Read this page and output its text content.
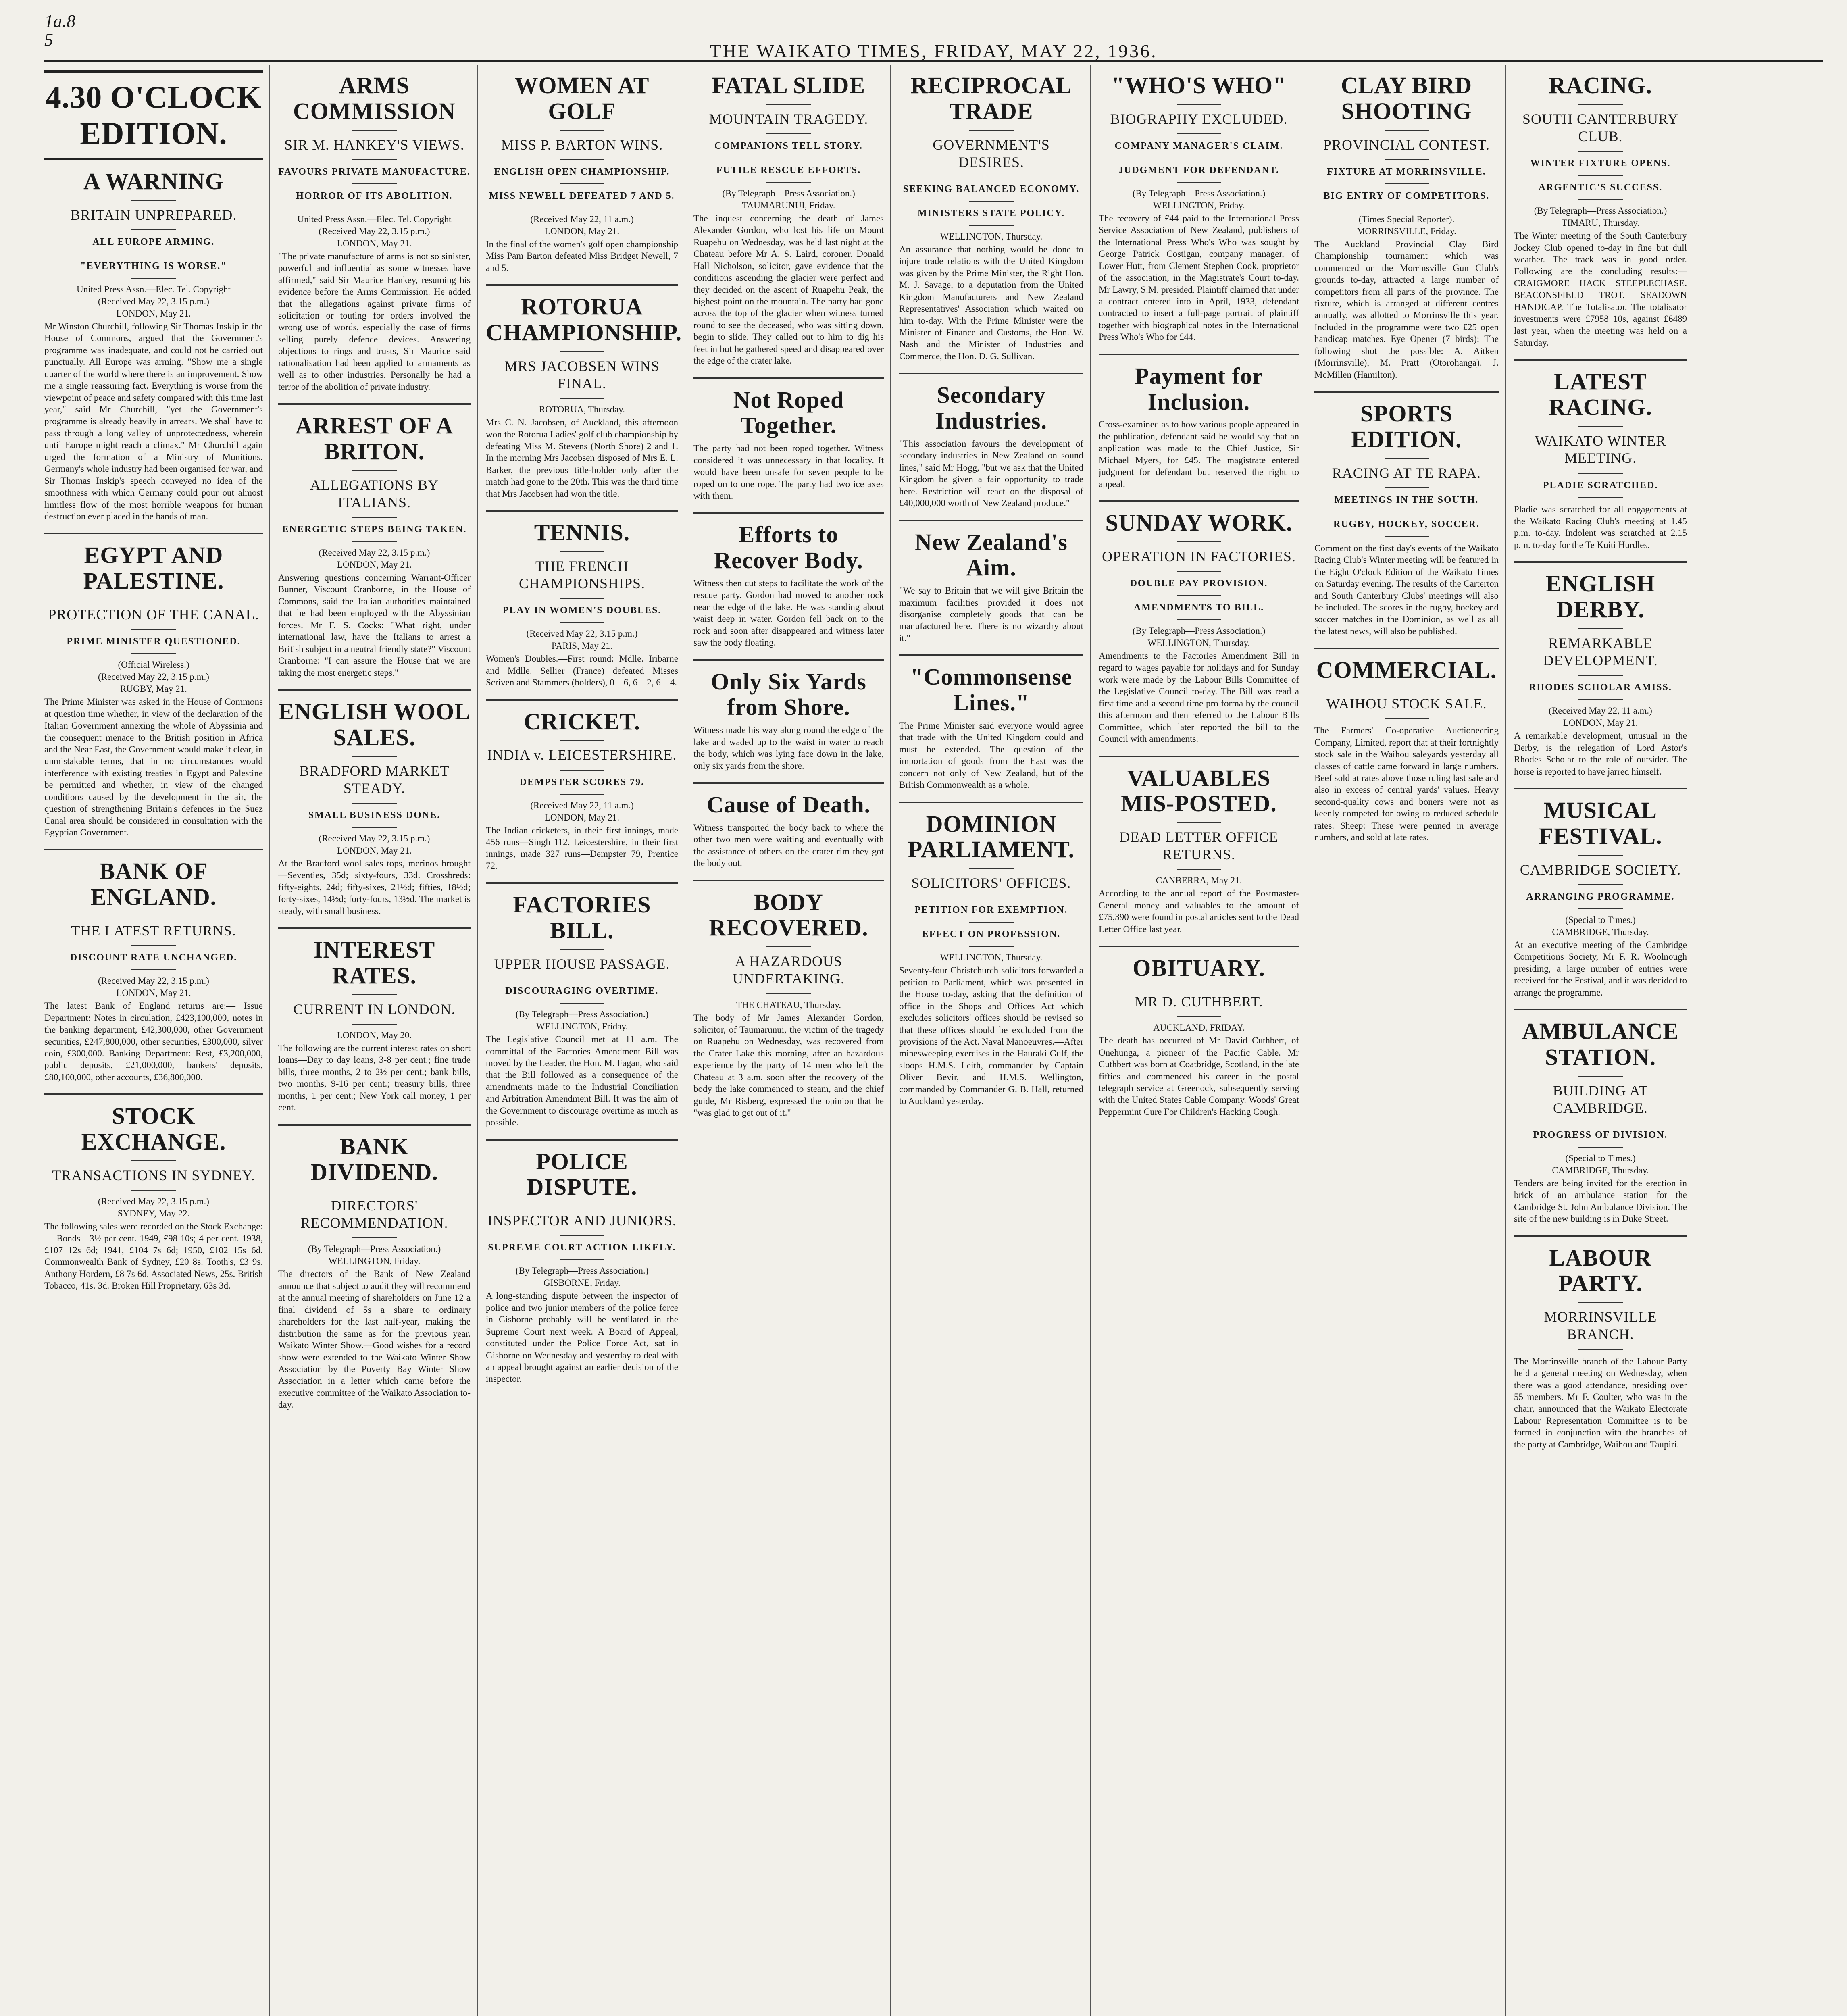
1a.8
5
THE WAIKATO TIMES, FRIDAY, MAY 22, 1936.
4.30 O'CLOCK EDITION.
A WARNING
BRITAIN UNPREPARED.
ALL EUROPE ARMING.
"EVERYTHING IS WORSE."
United Press Assn.—Elec. Tel. Copyright
(Received May 22, 3.15 p.m.)
LONDON, May 21.
Mr Winston Churchill, following Sir Thomas Inskip in the House of Commons, argued that the Government's programme was inadequate, and could not be carried out punctually. All Europe was arming. "Show me a single quarter of the world where there is an improvement. Show me a single reassuring fact. Everything is worse from the viewpoint of peace and safety compared with this time last year," said Mr Churchill, "yet the Government's programme is already heavily in arrears. We shall have to pass through a long valley of unprotectedness, wherein until Europe might reach a climax." Mr Churchill again urged the formation of a Ministry of Munitions. Germany's whole industry had been organised for war, and Sir Thomas Inskip's speech conveyed no idea of the smoothness with which Germany could pour out almost limitless flow of the most horrible weapons for human destruction ever placed in the hands of man.
EGYPT AND PALESTINE.
PROTECTION OF THE CANAL.
PRIME MINISTER QUESTIONED.
(Official Wireless.)
(Received May 22, 3.15 p.m.)
RUGBY, May 21.
The Prime Minister was asked in the House of Commons at question time whether, in view of the declaration of the Italian Government annexing the whole of Abyssinia and the consequent menace to the British position in Africa and the Near East, the Government would make it clear, in unmistakable terms, that in no circumstances would interference with existing treaties in Egypt and Palestine be permitted and whether, in view of the changed conditions caused by the development in the air, the question of strengthening Britain's defences in the Suez Canal area should be considered in consultation with the Egyptian Government.
BANK OF ENGLAND.
THE LATEST RETURNS.
DISCOUNT RATE UNCHANGED.
(Received May 22, 3.15 p.m.)
LONDON, May 21.
The latest Bank of England returns are:— Issue Department: Notes in circulation, £423,100,000, notes in the banking department, £42,300,000, other Government securities, £247,800,000, other securities, £300,000, silver coin, £300,000. Banking Department: Rest, £3,200,000, public deposits, £21,000,000, bankers' deposits, £80,100,000, other accounts, £36,800,000.
STOCK EXCHANGE.
TRANSACTIONS IN SYDNEY.
(Received May 22, 3.15 p.m.)
SYDNEY, May 22.
The following sales were recorded on the Stock Exchange:— Bonds—3½ per cent. 1949, £98 10s; 4 per cent. 1938, £107 12s 6d; 1941, £104 7s 6d; 1950, £102 15s 6d. Commonwealth Bank of Sydney, £20 8s. Tooth's, £3 9s. Anthony Hordern, £8 7s 6d. Associated News, 25s. British Tobacco, 41s. 3d. Broken Hill Proprietary, 63s 3d.
ARMS COMMISSION
SIR M. HANKEY'S VIEWS.
FAVOURS PRIVATE MANUFACTURE.
HORROR OF ITS ABOLITION.
United Press Assn.—Elec. Tel. Copyright
(Received May 22, 3.15 p.m.)
LONDON, May 21.
"The private manufacture of arms is not so sinister, powerful and influential as some witnesses have affirmed," said Sir Maurice Hankey, resuming his evidence before the Arms Commission. He added that the allegations against private firms of solicitation or touting for orders involved the wrong use of words, especially the case of firms selling purely defence devices. Answering objections to rings and trusts, Sir Maurice said rationalisation had been applied to armaments as well as to other industries. Personally he had a terror of the abolition of private industry.
ARREST OF A BRITON.
ALLEGATIONS BY ITALIANS.
ENERGETIC STEPS BEING TAKEN.
(Received May 22, 3.15 p.m.)
LONDON, May 21.
Answering questions concerning Warrant-Officer Bunner, Viscount Cranborne, in the House of Commons, said the Italian authorities maintained that he had been employed with the Abyssinian forces. Mr F. S. Cocks: "What right, under international law, have the Italians to arrest a British subject in a neutral friendly state?" Viscount Cranborne: "I can assure the House that we are taking the most energetic steps."
ENGLISH WOOL SALES.
BRADFORD MARKET STEADY.
SMALL BUSINESS DONE.
(Received May 22, 3.15 p.m.)
LONDON, May 21.
At the Bradford wool sales tops, merinos brought—Seventies, 35d; sixty-fours, 33d. Crossbreds: fifty-eights, 24d; fifty-sixes, 21½d; fifties, 18½d; forty-sixes, 14½d; forty-fours, 13½d. The market is steady, with small business.
INTEREST RATES.
CURRENT IN LONDON.
LONDON, May 20.
The following are the current interest rates on short loans—Day to day loans, 3-8 per cent.; fine trade bills, three months, 2 to 2½ per cent.; bank bills, two months, 9-16 per cent.; treasury bills, three months, 1 per cent.; New York call money, 1 per cent.
BANK DIVIDEND.
DIRECTORS' RECOMMENDATION.
(By Telegraph—Press Association.)
WELLINGTON, Friday.
The directors of the Bank of New Zealand announce that subject to audit they will recommend at the annual meeting of shareholders on June 12 a final dividend of 5s a share to ordinary shareholders for the last half-year, making the distribution the same as for the previous year. Waikato Winter Show.—Good wishes for a record show were extended to the Waikato Winter Show Association by the Poverty Bay Winter Show Association in a letter which came before the executive committee of the Waikato Association to-day.
WOMEN AT GOLF
MISS P. BARTON WINS.
ENGLISH OPEN CHAMPIONSHIP.
MISS NEWELL DEFEATED 7 AND 5.
(Received May 22, 11 a.m.)
LONDON, May 21.
In the final of the women's golf open championship Miss Pam Barton defeated Miss Bridget Newell, 7 and 5.
ROTORUA CHAMPIONSHIP.
MRS JACOBSEN WINS FINAL.
ROTORUA, Thursday.
Mrs C. N. Jacobsen, of Auckland, this afternoon won the Rotorua Ladies' golf club championship by defeating Miss M. Stevens (North Shore) 2 and 1. In the morning Mrs Jacobsen disposed of Mrs E. L. Barker, the previous title-holder only after the match had gone to the 20th. This was the third time that Mrs Jacobsen had won the title.
TENNIS.
THE FRENCH CHAMPIONSHIPS.
PLAY IN WOMEN'S DOUBLES.
(Received May 22, 3.15 p.m.)
PARIS, May 21.
Women's Doubles.—First round: Mdlle. Iribarne and Mdlle. Sellier (France) defeated Misses Scriven and Stammers (holders), 0—6, 6—2, 6—4.
CRICKET.
INDIA v. LEICESTERSHIRE.
DEMPSTER SCORES 79.
(Received May 22, 11 a.m.)
LONDON, May 21.
The Indian cricketers, in their first innings, made 456 runs—Singh 112. Leicestershire, in their first innings, made 327 runs—Dempster 79, Prentice 72.
FACTORIES BILL.
UPPER HOUSE PASSAGE.
DISCOURAGING OVERTIME.
(By Telegraph—Press Association.)
WELLINGTON, Friday.
The Legislative Council met at 11 a.m. The committal of the Factories Amendment Bill was moved by the Leader, the Hon. M. Fagan, who said that the Bill followed as a consequence of the amendments made to the Industrial Conciliation and Arbitration Amendment Bill. It was the aim of the Government to discourage overtime as much as possible.
POLICE DISPUTE.
INSPECTOR AND JUNIORS.
SUPREME COURT ACTION LIKELY.
(By Telegraph—Press Association.)
GISBORNE, Friday.
A long-standing dispute between the inspector of police and two junior members of the police force in Gisborne probably will be ventilated in the Supreme Court next week. A Board of Appeal, constituted under the Police Force Act, sat in Gisborne on Wednesday and yesterday to deal with an appeal brought against an earlier decision of the inspector.
FATAL SLIDE
MOUNTAIN TRAGEDY.
COMPANIONS TELL STORY.
FUTILE RESCUE EFFORTS.
(By Telegraph—Press Association.)
TAUMARUNUI, Friday.
The inquest concerning the death of James Alexander Gordon, who lost his life on Mount Ruapehu on Wednesday, was held last night at the Chateau before Mr A. S. Laird, coroner. Donald Hall Nicholson, solicitor, gave evidence that the conditions ascending the glacier were perfect and they decided on the ascent of Ruapehu Peak, the highest point on the mountain. The party had gone across the top of the glacier when witness turned round to see the deceased, who was sitting down, begin to slide. They called out to him to dig his feet in but he gathered speed and disappeared over the edge of the crater lake.
Not Roped Together.
The party had not been roped together. Witness considered it was unnecessary in that locality. It would have been unsafe for seven people to be roped on to one rope. The party had two ice axes with them.
Efforts to Recover Body.
Witness then cut steps to facilitate the work of the rescue party. Gordon had moved to another rock near the edge of the lake. He was standing about waist deep in water. Gordon fell back on to the rock and soon after disappeared and witness later saw the body floating.
Only Six Yards from Shore.
Witness made his way along round the edge of the lake and waded up to the waist in water to reach the body, which was lying face down in the lake, only six yards from the shore.
Cause of Death.
Witness transported the body back to where the other two men were waiting and eventually with the assistance of others on the crater rim they got the body out.
BODY RECOVERED.
A HAZARDOUS UNDERTAKING.
THE CHATEAU, Thursday.
The body of Mr James Alexander Gordon, solicitor, of Taumarunui, the victim of the tragedy on Ruapehu on Wednesday, was recovered from the Crater Lake this morning, after an hazardous experience by the party of 14 men who left the Chateau at 3 a.m. soon after the recovery of the body the lake commenced to steam, and the chief guide, Mr Risberg, expressed the opinion that he "was glad to get out of it."
RECIPROCAL TRADE
GOVERNMENT'S DESIRES.
SEEKING BALANCED ECONOMY.
MINISTERS STATE POLICY.
WELLINGTON, Thursday.
An assurance that nothing would be done to injure trade relations with the United Kingdom was given by the Prime Minister, the Right Hon. M. J. Savage, to a deputation from the United Kingdom Manufacturers and New Zealand Representatives' Association which waited on him to-day. With the Prime Minister were the Minister of Finance and Customs, the Hon. W. Nash and the Minister of Industries and Commerce, the Hon. D. G. Sullivan.
Secondary Industries.
"This association favours the development of secondary industries in New Zealand on sound lines," said Mr Hogg, "but we ask that the United Kingdom be given a fair opportunity to trade here. Restriction will react on the disposal of £40,000,000 worth of New Zealand produce."
New Zealand's Aim.
"We say to Britain that we will give Britain the maximum facilities provided it does not disorganise completely goods that can be manufactured here. There is no wizardry about it."
"Commonsense Lines."
The Prime Minister said everyone would agree that trade with the United Kingdom could and must be extended. The question of the importation of goods from the East was the concern not only of New Zealand, but of the British Commonwealth as a whole.
DOMINION PARLIAMENT.
SOLICITORS' OFFICES.
PETITION FOR EXEMPTION.
EFFECT ON PROFESSION.
WELLINGTON, Thursday.
Seventy-four Christchurch solicitors forwarded a petition to Parliament, which was presented in the House to-day, asking that the definition of office in the Shops and Offices Act which excludes solicitors' offices should be revised so that these offices should be excluded from the provisions of the Act. Naval Manoeuvres.—After minesweeping exercises in the Hauraki Gulf, the sloops H.M.S. Leith, commanded by Captain Oliver Bevir, and H.M.S. Wellington, commanded by Commander G. B. Hall, returned to Auckland yesterday.
"WHO'S WHO"
BIOGRAPHY EXCLUDED.
COMPANY MANAGER'S CLAIM.
JUDGMENT FOR DEFENDANT.
(By Telegraph—Press Association.)
WELLINGTON, Friday.
The recovery of £44 paid to the International Press Service Association of New Zealand, publishers of the International Press Who's Who was sought by George Patrick Costigan, company manager, of Lower Hutt, from Clement Stephen Cook, proprietor of the association, in the Magistrate's Court to-day. Mr Lawry, S.M. presided. Plaintiff claimed that under a contract entered into in April, 1933, defendant contracted to insert a full-page portrait of plaintiff together with biographical notes in the International Press Who's Who for £44.
Payment for Inclusion.
Cross-examined as to how various people appeared in the publication, defendant said he would say that an application was made to the Chief Justice, Sir Michael Myers, for £45. The magistrate entered judgment for defendant but reserved the right to appeal.
SUNDAY WORK.
OPERATION IN FACTORIES.
DOUBLE PAY PROVISION.
AMENDMENTS TO BILL.
(By Telegraph—Press Association.)
WELLINGTON, Thursday.
Amendments to the Factories Amendment Bill in regard to wages payable for holidays and for Sunday work were made by the Labour Bills Committee of the Legislative Council to-day. The Bill was read a first time and a second time pro forma by the council this afternoon and then referred to the Labour Bills Committee, which later reported the bill to the Council with amendments.
VALUABLES MIS-POSTED.
DEAD LETTER OFFICE RETURNS.
CANBERRA, May 21.
According to the annual report of the Postmaster-General money and valuables to the amount of £75,390 were found in postal articles sent to the Dead Letter Office last year.
OBITUARY.
MR D. CUTHBERT.
AUCKLAND, FRIDAY.
The death has occurred of Mr David Cuthbert, of Onehunga, a pioneer of the Pacific Cable. Mr Cuthbert was born at Coatbridge, Scotland, in the late fifties and commenced his career in the postal telegraph service at Greenock, subsequently serving with the United States Cable Company. Woods' Great Peppermint Cure For Children's Hacking Cough.
CLAY BIRD SHOOTING
PROVINCIAL CONTEST.
FIXTURE AT MORRINSVILLE.
BIG ENTRY OF COMPETITORS.
(Times Special Reporter).
MORRINSVILLE, Friday.
The Auckland Provincial Clay Bird Championship tournament which was commenced on the Morrinsville Gun Club's grounds to-day, attracted a large number of competitors from all parts of the province. The fixture, which is arranged at different centres annually, was allotted to Morrinsville this year. Included in the programme were two £25 open handicap matches. Eye Opener (7 birds): The following shot the possible: A. Aitken (Morrinsville), M. Pratt (Otorohanga), J. McMillen (Hamilton).
SPORTS EDITION.
RACING AT TE RAPA.
MEETINGS IN THE SOUTH.
RUGBY, HOCKEY, SOCCER.
Comment on the first day's events of the Waikato Racing Club's Winter meeting will be featured in the Eight O'clock Edition of the Waikato Times on Saturday evening. The results of the Carterton and South Canterbury Clubs' meetings will also be included. The scores in the rugby, hockey and soccer matches in the Dominion, as well as all the latest news, will also be published.
COMMERCIAL.
WAIHOU STOCK SALE.
The Farmers' Co-operative Auctioneering Company, Limited, report that at their fortnightly stock sale in the Waihou saleyards yesterday all classes of cattle came forward in large numbers. Beef sold at rates above those ruling last sale and also in excess of central yards' values. Heavy second-quality cows and boners were not as keenly competed for owing to reduced schedule rates. Sheep: These were penned in average numbers, and sold at late rates.
RACING.
SOUTH CANTERBURY CLUB.
WINTER FIXTURE OPENS.
ARGENTIC'S SUCCESS.
(By Telegraph—Press Association.)
TIMARU, Thursday.
The Winter meeting of the South Canterbury Jockey Club opened to-day in fine but dull weather. The track was in good order. Following are the concluding results:— CRAIGMORE HACK STEEPLECHASE. BEACONSFIELD TROT. SEADOWN HANDICAP. The Totalisator. The totalisator investments were £7958 10s, against £6489 last year, when the meeting was held on a Saturday.
LATEST RACING.
WAIKATO WINTER MEETING.
PLADIE SCRATCHED.
Pladie was scratched for all engagements at the Waikato Racing Club's meeting at 1.45 p.m. to-day. Indolent was scratched at 2.15 p.m. to-day for the Te Kuiti Hurdles.
ENGLISH DERBY.
REMARKABLE DEVELOPMENT.
RHODES SCHOLAR AMISS.
(Received May 22, 11 a.m.)
LONDON, May 21.
A remarkable development, unusual in the Derby, is the relegation of Lord Astor's Rhodes Scholar to the role of outsider. The horse is reported to have jarred himself.
MUSICAL FESTIVAL.
CAMBRIDGE SOCIETY.
ARRANGING PROGRAMME.
(Special to Times.)
CAMBRIDGE, Thursday.
At an executive meeting of the Cambridge Competitions Society, Mr F. R. Woolnough presiding, a large number of entries were received for the Festival, and it was decided to arrange the programme.
AMBULANCE STATION.
BUILDING AT CAMBRIDGE.
PROGRESS OF DIVISION.
(Special to Times.)
CAMBRIDGE, Thursday.
Tenders are being invited for the erection in brick of an ambulance station for the Cambridge St. John Ambulance Division. The site of the new building is in Duke Street.
LABOUR PARTY.
MORRINSVILLE BRANCH.
The Morrinsville branch of the Labour Party held a general meeting on Wednesday, when there was a good attendance, presiding over 55 members. Mr F. Coulter, who was in the chair, announced that the Waikato Electorate Labour Representation Committee is to be formed in conjunction with the branches of the party at Cambridge, Waihou and Taupiri.
